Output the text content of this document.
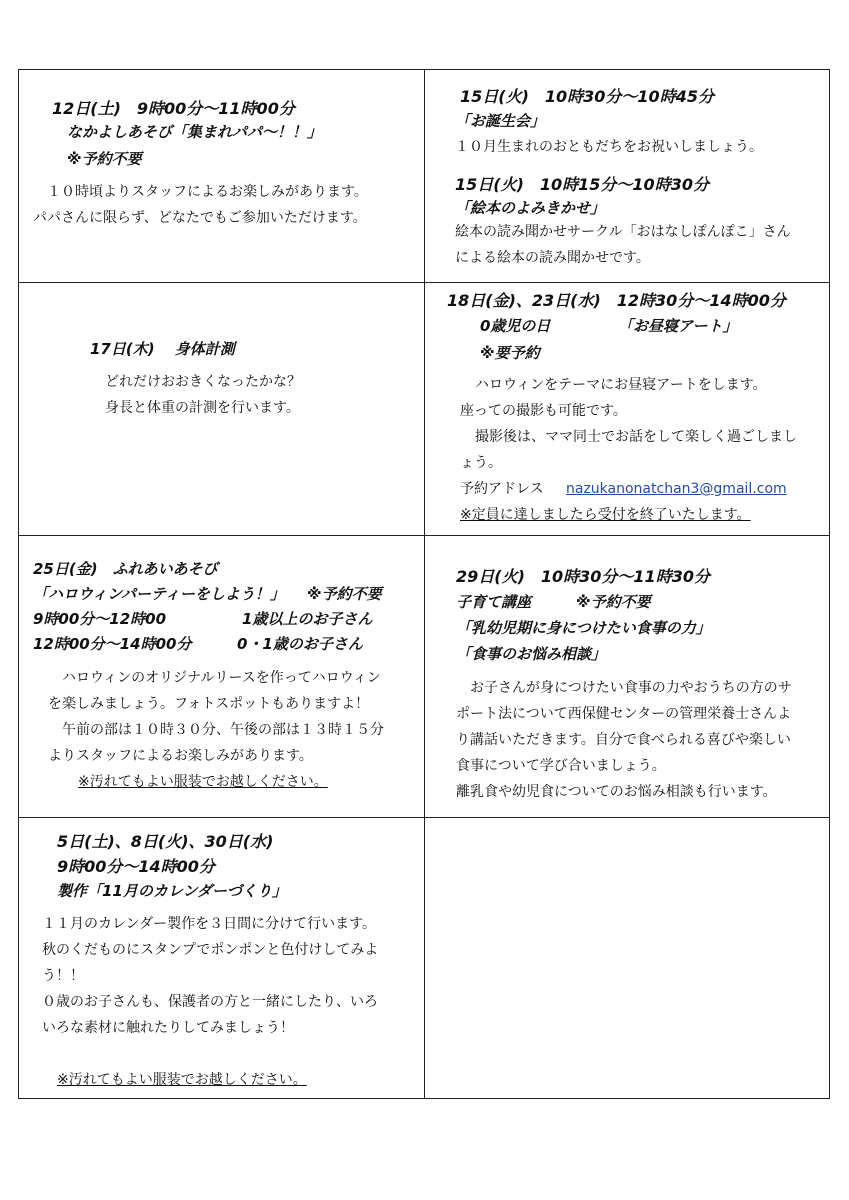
12日(土)　9時00分～11時00分
なかよしあそび「集まれパパ～！！」
※予約不要
１０時頃よりスタッフによるお楽しみがあります。
パパさんに限らず、どなたでもご参加いただけます。
15日(火)　10時30分～10時45分
「お誕生会」
１０月生まれのおともだちをお祝いしましょう。
15日(火)　10時15分～10時30分
「絵本のよみきかせ」
絵本の読み聞かせサークル「おはなしぽんぽこ」さん
による絵本の読み聞かせです。
17日(木)　 身体計測
どれだけおおきくなったかな？
身長と体重の計測を行います。
18日(金)、23日(水)　12時30分～14時00分
0歳児の日	「お昼寝アート」
※要予約
ハロウィンをテーマにお昼寝アートをします。
座っての撮影も可能です。
撮影後は、ママ同士でお話をして楽しく過ごしまし
ょう。
予約アドレス nazukanonatchan3@gmail.com
※定員に達しましたら受付を終了いたします。
25日(金)　ふれあいあそび
「ハロウィンパーティーをしよう！」 ※予約不要
9時00分～12時00	1歳以上のお子さん
12時00分～14時00分	0・1歳のお子さん
ハロウィンのオリジナルリースを作ってハロウィン
を楽しみましょう。フォトスポットもありますよ！
午前の部は１０時３０分、午後の部は１３時１５分
よりスタッフによるお楽しみがあります。
※汚れてもよい服装でお越しください。
29日(火)　10時30分～11時30分
子育て講座	※予約不要
「乳幼児期に身につけたい食事の力」
「食事のお悩み相談」
お子さんが身につけたい食事の力やおうちの方のサ
ポート法について西保健センターの管理栄養士さんよ
り講話いただきます。自分で食べられる喜びや楽しい
食事について学び合いましょう。
離乳食や幼児食についてのお悩み相談も行います。
5日(土)、8日(火)、30日(水)
9時00分～14時00分
製作「11月のカレンダーづくり」
１１月のカレンダー製作を３日間に分けて行います。
秋のくだものにスタンプでポンポンと色付けしてみよ
う！！
０歳のお子さんも、保護者の方と一緒にしたり、いろ
いろな素材に触れたりしてみましょう！
※汚れてもよい服装でお越しください。
